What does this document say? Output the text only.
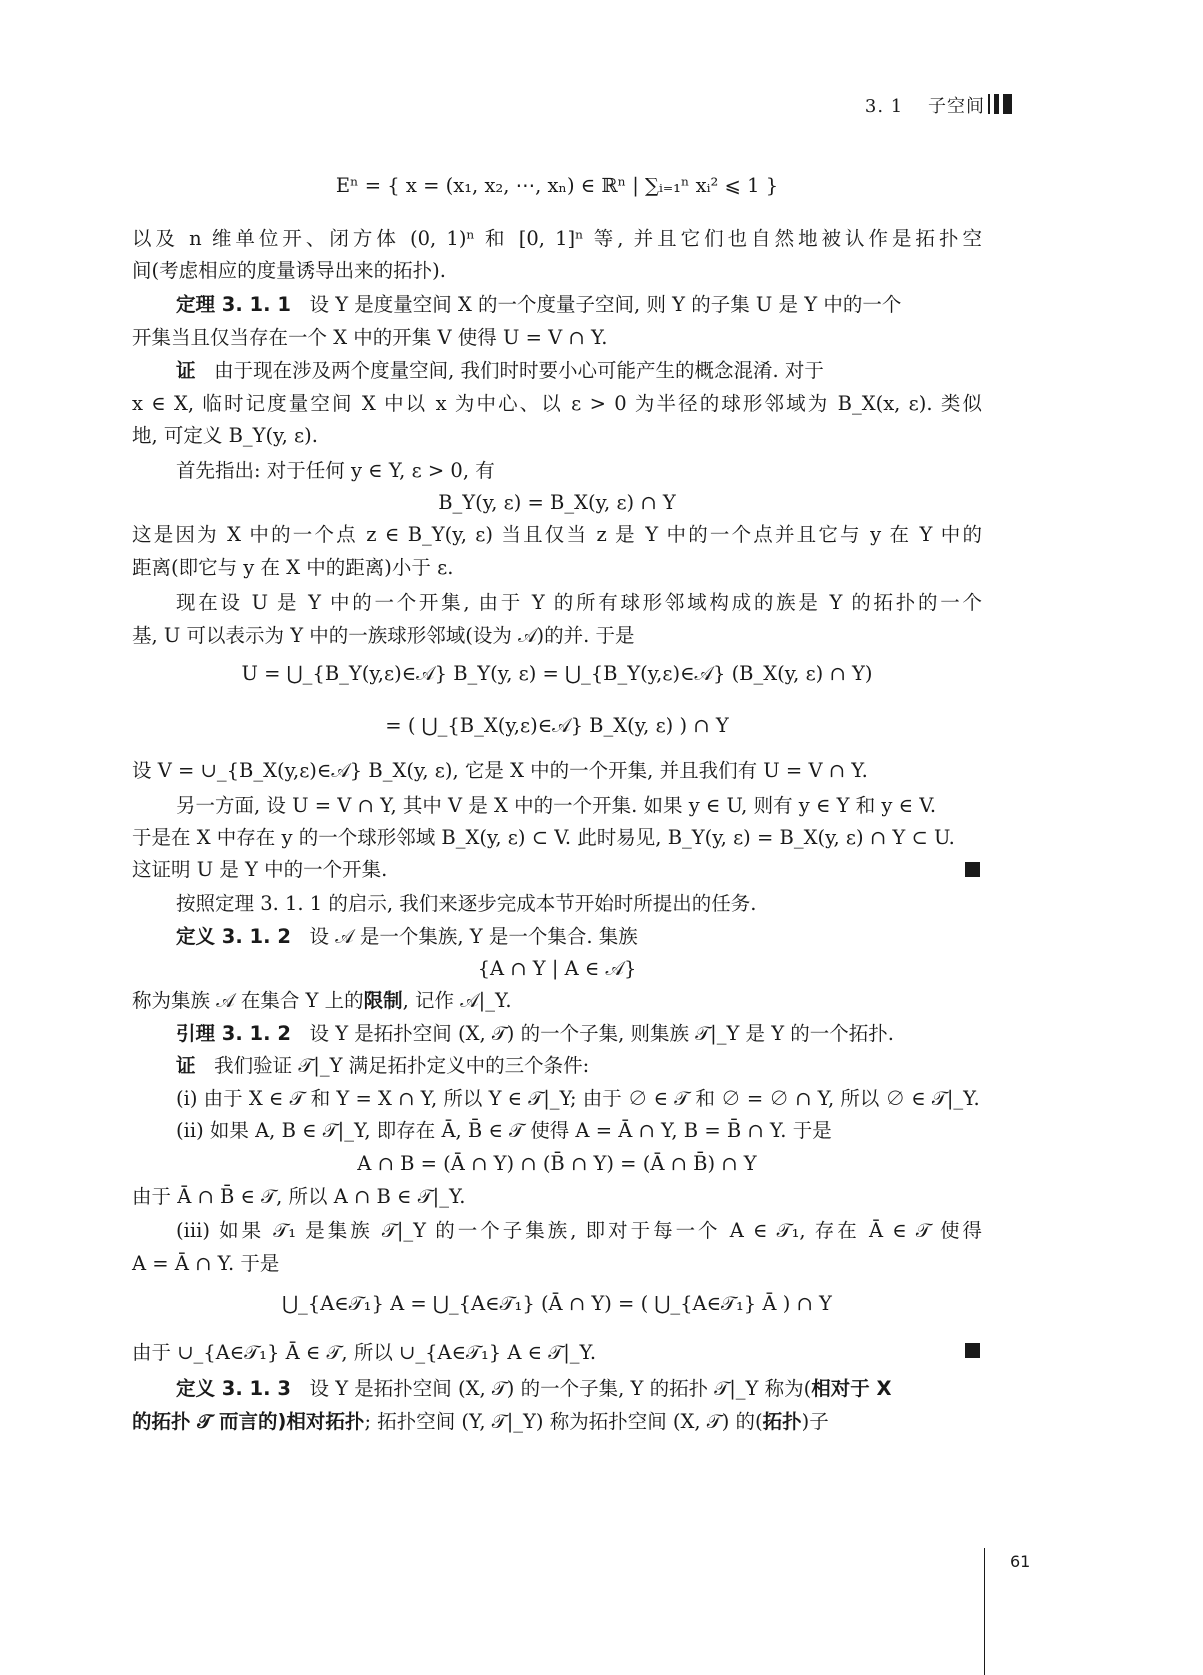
3. 1 子空间
Eⁿ = { x = (x₁, x₂, ⋯, xₙ) ∈ ℝⁿ | ∑ᵢ₌₁ⁿ xᵢ² ⩽ 1 }
以及 n 维单位开、闭方体 (0, 1)ⁿ 和 [0, 1]ⁿ 等, 并且它们也自然地被认作是拓扑空
间(考虑相应的度量诱导出来的拓扑).
定理 3. 1. 1 设 Y 是度量空间 X 的一个度量子空间, 则 Y 的子集 U 是 Y 中的一个
开集当且仅当存在一个 X 中的开集 V 使得 U = V ∩ Y.
证 由于现在涉及两个度量空间, 我们时时要小心可能产生的概念混淆. 对于
x ∈ X, 临时记度量空间 X 中以 x 为中心、以 ε > 0 为半径的球形邻域为 B_X(x, ε). 类似
地, 可定义 B_Y(y, ε).
首先指出: 对于任何 y ∈ Y, ε > 0, 有
B_Y(y, ε) = B_X(y, ε) ∩ Y
这是因为 X 中的一个点 z ∈ B_Y(y, ε) 当且仅当 z 是 Y 中的一个点并且它与 y 在 Y 中的
距离(即它与 y 在 X 中的距离)小于 ε.
现在设 U 是 Y 中的一个开集, 由于 Y 的所有球形邻域构成的族是 Y 的拓扑的一个
基, U 可以表示为 Y 中的一族球形邻域(设为 𝒜)的并. 于是
U = ⋃_{B_Y(y,ε)∈𝒜} B_Y(y, ε) = ⋃_{B_Y(y,ε)∈𝒜} (B_X(y, ε) ∩ Y)
= ( ⋃_{B_X(y,ε)∈𝒜} B_X(y, ε) ) ∩ Y
设 V = ∪_{B_X(y,ε)∈𝒜} B_X(y, ε), 它是 X 中的一个开集, 并且我们有 U = V ∩ Y.
另一方面, 设 U = V ∩ Y, 其中 V 是 X 中的一个开集. 如果 y ∈ U, 则有 y ∈ Y 和 y ∈ V.
于是在 X 中存在 y 的一个球形邻域 B_X(y, ε) ⊂ V. 此时易见, B_Y(y, ε) = B_X(y, ε) ∩ Y ⊂ U.
这证明 U 是 Y 中的一个开集.
按照定理 3. 1. 1 的启示, 我们来逐步完成本节开始时所提出的任务.
定义 3. 1. 2 设 𝒜 是一个集族, Y 是一个集合. 集族
{A ∩ Y | A ∈ 𝒜}
称为集族 𝒜 在集合 Y 上的限制, 记作 𝒜|_Y.
引理 3. 1. 2 设 Y 是拓扑空间 (X, 𝒯) 的一个子集, 则集族 𝒯|_Y 是 Y 的一个拓扑.
证 我们验证 𝒯|_Y 满足拓扑定义中的三个条件:
(i) 由于 X ∈ 𝒯 和 Y = X ∩ Y, 所以 Y ∈ 𝒯|_Y; 由于 ∅ ∈ 𝒯 和 ∅ = ∅ ∩ Y, 所以 ∅ ∈ 𝒯|_Y.
(ii) 如果 A, B ∈ 𝒯|_Y, 即存在 Ā, B̄ ∈ 𝒯 使得 A = Ā ∩ Y, B = B̄ ∩ Y. 于是
A ∩ B = (Ā ∩ Y) ∩ (B̄ ∩ Y) = (Ā ∩ B̄) ∩ Y
由于 Ā ∩ B̄ ∈ 𝒯, 所以 A ∩ B ∈ 𝒯|_Y.
(iii) 如果 𝒯₁ 是集族 𝒯|_Y 的一个子集族, 即对于每一个 A ∈ 𝒯₁, 存在 Ā ∈ 𝒯 使得
A = Ā ∩ Y. 于是
⋃_{A∈𝒯₁} A = ⋃_{A∈𝒯₁} (Ā ∩ Y) = ( ⋃_{A∈𝒯₁} Ā ) ∩ Y
由于 ∪_{A∈𝒯₁} Ā ∈ 𝒯, 所以 ∪_{A∈𝒯₁} A ∈ 𝒯|_Y.
定义 3. 1. 3 设 Y 是拓扑空间 (X, 𝒯) 的一个子集, Y 的拓扑 𝒯|_Y 称为(相对于 X
的拓扑 𝒯 而言的)相对拓扑; 拓扑空间 (Y, 𝒯|_Y) 称为拓扑空间 (X, 𝒯) 的(拓扑)子
61
